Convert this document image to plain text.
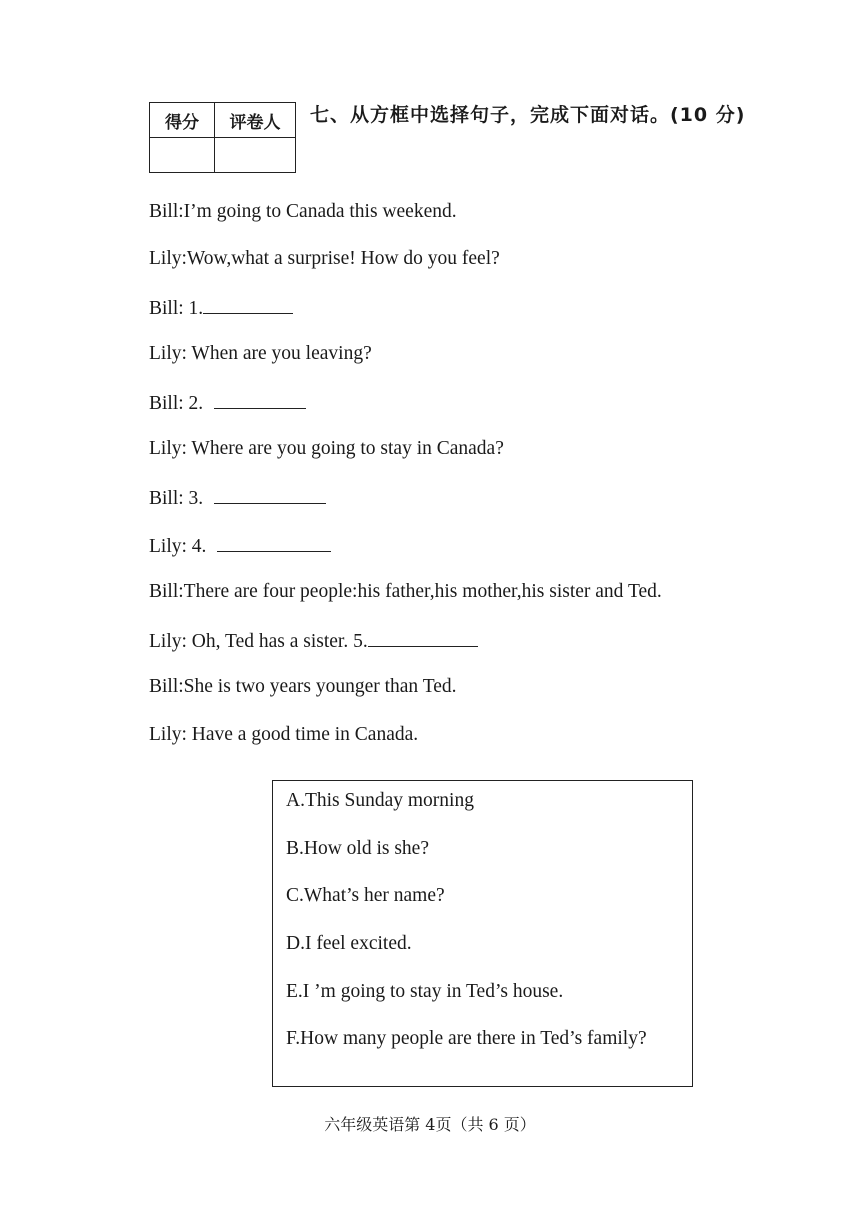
得分	评卷人
	七、从方框中选择句子，完成下面对话。(10 分)
Bill:I’m going to Canada this weekend.
Lily:Wow,what a surprise! How do you feel?
Bill: 1.
Lily: When are you leaving?
Bill: 2.
Lily: Where are you going to stay in Canada?
Bill: 3.
Lily: 4.
Bill:There are four people:his father,his mother,his sister and Ted.
Lily: Oh, Ted has a sister. 5.
Bill:She is two years younger than Ted.
Lily: Have a good time in Canada.
A.This Sunday morning
B.How old is she?
C.What’s her name?
D.I feel excited.
E.I ’m going to stay in Ted’s house.
F.How many people are there in Ted’s family?
六年级英语第 4页（共 6 页）
